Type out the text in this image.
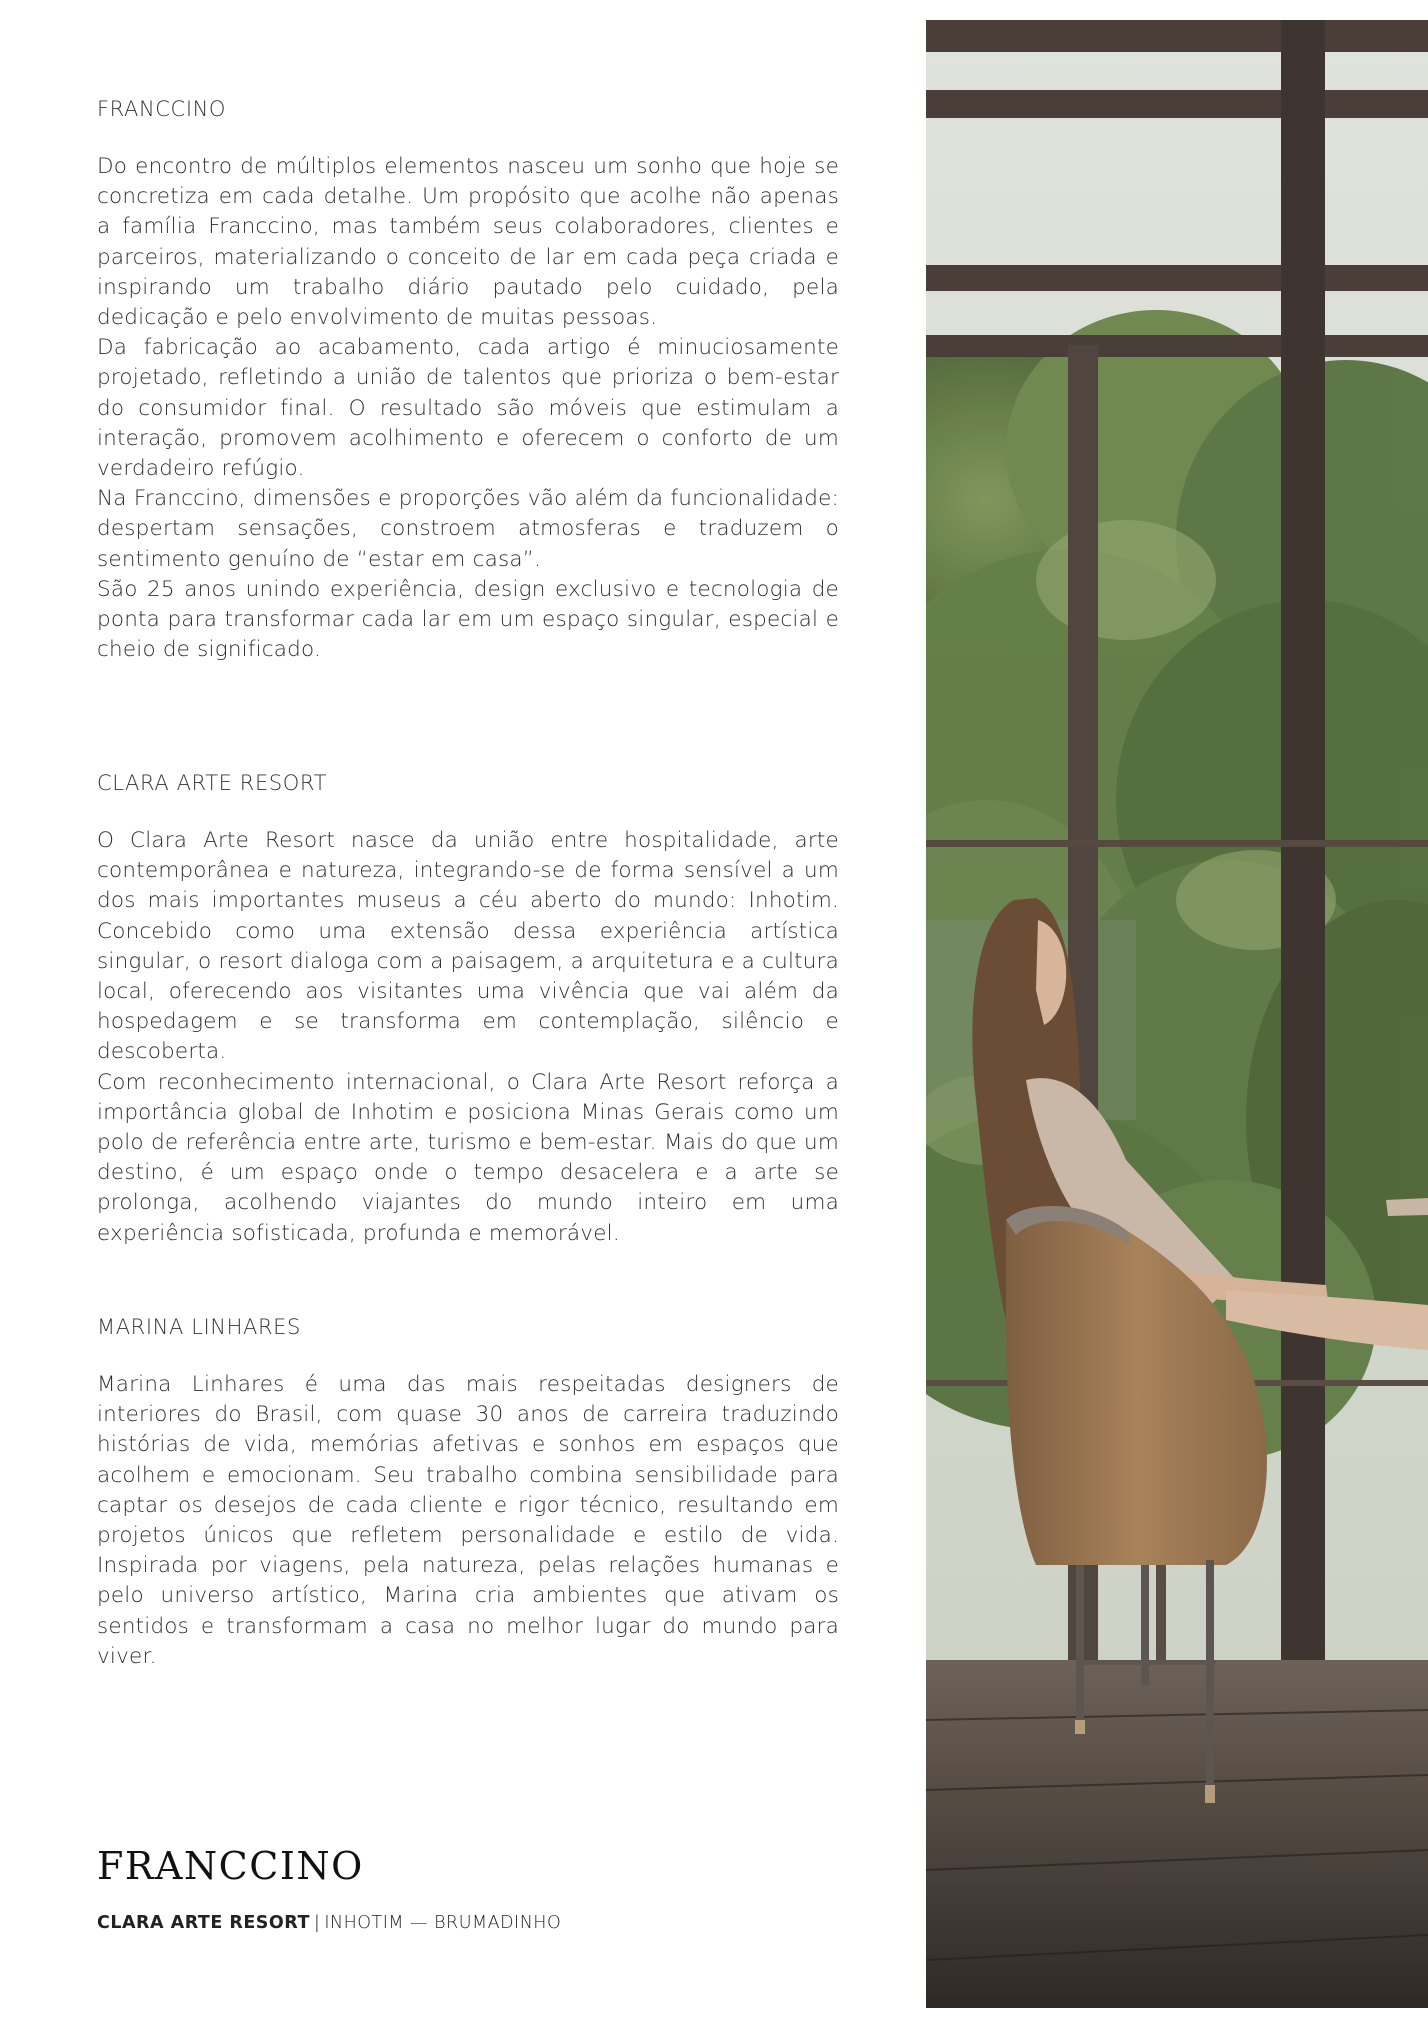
FRANCCINO

Do encontro de múltiplos elementos nasceu um sonho que hoje se concretiza em cada detalhe. Um propósito que acolhe não apenas a família Franccino, mas também seus colaboradores, clientes e parceiros, materializando o conceito de lar em cada peça criada e inspirando um trabalho diário pautado pelo cuidado, pela dedicação e pelo envolvimento de muitas pessoas.

Da fabricação ao acabamento, cada artigo é minuciosamente projetado, refletindo a união de talentos que prioriza o bem-estar do consumidor final. O resultado são móveis que estimulam a interação, promovem acolhimento e oferecem o conforto de um verdadeiro refúgio.

Na Franccino, dimensões e proporções vão além da funcionalidade: despertam sensações, constroem atmosferas e traduzem o sentimento genuíno de “estar em casa”.

São 25 anos unindo experiência, design exclusivo e tecnologia de ponta para transformar cada lar em um espaço singular, especial e cheio de significado.

CLARA ARTE RESORT

O Clara Arte Resort nasce da união entre hospitalidade, arte contemporânea e natureza, integrando-se de forma sensível a um dos mais importantes museus a céu aberto do mundo: Inhotim. Concebido como uma extensão dessa experiência artística singular, o resort dialoga com a paisagem, a arquitetura e a cultura local, oferecendo aos visitantes uma vivência que vai além da hospedagem e se transforma em contemplação, silêncio e descoberta.

Com reconhecimento internacional, o Clara Arte Resort reforça a importância global de Inhotim e posiciona Minas Gerais como um polo de referência entre arte, turismo e bem-estar. Mais do que um destino, é um espaço onde o tempo desacelera e a arte se prolonga, acolhendo viajantes do mundo inteiro em uma experiência sofisticada, profunda e memorável.

MARINA LINHARES

Marina Linhares é uma das mais respeitadas designers de interiores do Brasil, com quase 30 anos de carreira traduzindo histórias de vida, memórias afetivas e sonhos em espaços que acolhem e emocionam. Seu trabalho combina sensibilidade para captar os desejos de cada cliente e rigor técnico, resultando em projetos únicos que refletem personalidade e estilo de vida. Inspirada por viagens, pela natureza, pelas relações humanas e pelo universo artístico, Marina cria ambientes que ativam os sentidos e transformam a casa no melhor lugar do mundo para viver.

FRANCCINO
CLARA ARTE RESORT | INHOTIM — BRUMADINHO
